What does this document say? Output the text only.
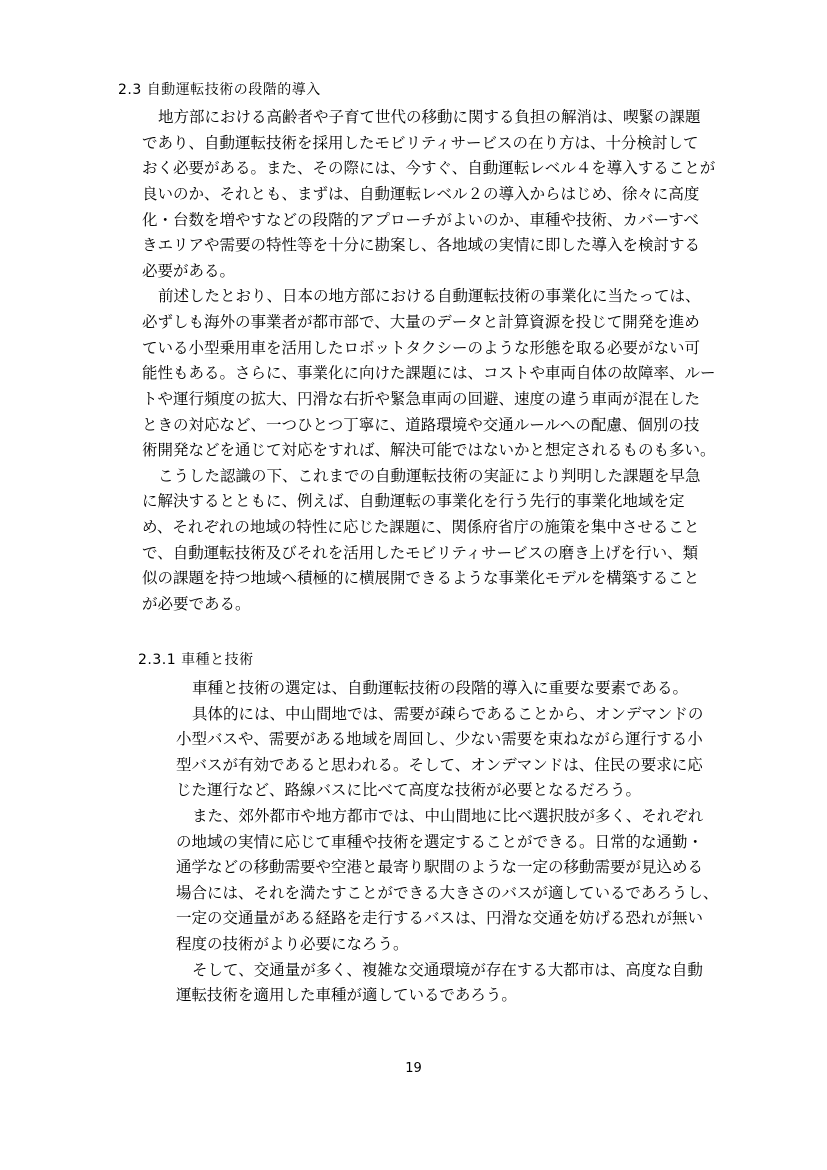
2.3 自動運転技術の段階的導入
地方部における高齢者や子育て世代の移動に関する負担の解消は、喫緊の課題
であり、自動運転技術を採用したモビリティサービスの在り方は、十分検討して
おく必要がある。また、その際には、今すぐ、自動運転レベル４を導入することが
良いのか、それとも、まずは、自動運転レベル２の導入からはじめ、徐々に高度
化・台数を増やすなどの段階的アプローチがよいのか、車種や技術、カバーすべ
きエリアや需要の特性等を十分に勘案し、各地域の実情に即した導入を検討する
必要がある。
前述したとおり、日本の地方部における自動運転技術の事業化に当たっては、
必ずしも海外の事業者が都市部で、大量のデータと計算資源を投じて開発を進め
ている小型乗用車を活用したロボットタクシーのような形態を取る必要がない可
能性もある。さらに、事業化に向けた課題には、コストや車両自体の故障率、ルー
トや運行頻度の拡大、円滑な右折や緊急車両の回避、速度の違う車両が混在した
ときの対応など、一つひとつ丁寧に、道路環境や交通ルールへの配慮、個別の技
術開発などを通じて対応をすれば、解決可能ではないかと想定されるものも多い。
こうした認識の下、これまでの自動運転技術の実証により判明した課題を早急
に解決するとともに、例えば、自動運転の事業化を行う先行的事業化地域を定
め、それぞれの地域の特性に応じた課題に、関係府省庁の施策を集中させること
で、自動運転技術及びそれを活用したモビリティサービスの磨き上げを行い、類
似の課題を持つ地域へ積極的に横展開できるような事業化モデルを構築すること
が必要である。
2.3.1 車種と技術
車種と技術の選定は、自動運転技術の段階的導入に重要な要素である。
具体的には、中山間地では、需要が疎らであることから、オンデマンドの
小型バスや、需要がある地域を周回し、少ない需要を束ねながら運行する小
型バスが有効であると思われる。そして、オンデマンドは、住民の要求に応
じた運行など、路線バスに比べて高度な技術が必要となるだろう。
また、郊外都市や地方都市では、中山間地に比べ選択肢が多く、それぞれ
の地域の実情に応じて車種や技術を選定することができる。日常的な通勤・
通学などの移動需要や空港と最寄り駅間のような一定の移動需要が見込める
場合には、それを満たすことができる大きさのバスが適しているであろうし、
一定の交通量がある経路を走行するバスは、円滑な交通を妨げる恐れが無い
程度の技術がより必要になろう。
そして、交通量が多く、複雑な交通環境が存在する大都市は、高度な自動
運転技術を適用した車種が適しているであろう。
19
